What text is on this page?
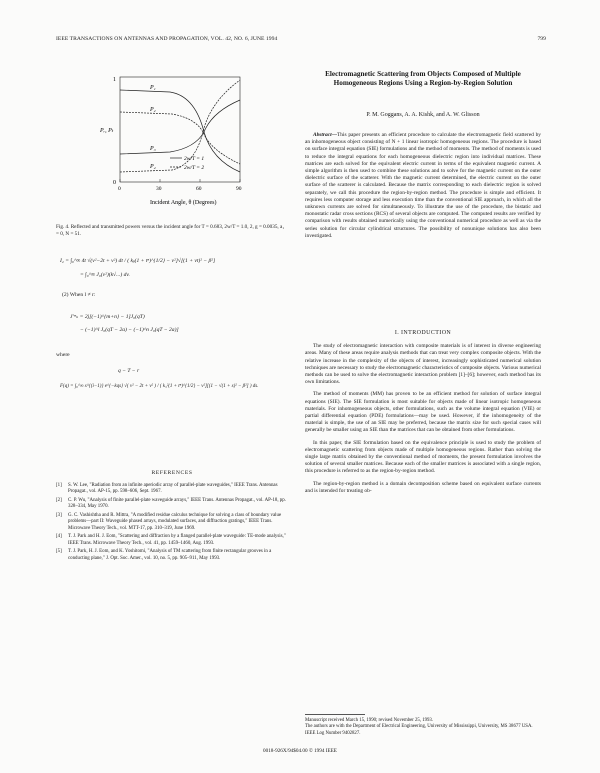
IEEE TRANSACTIONS ON ANTENNAS AND PROPAGATION, VOL. 42, NO. 6, JUNE 1994	799
1
0
Pᵣ, Pₜ
0	30	60	90
Incident Angle, θ (Degrees)
P₁
P₂
P₃
P₄
2w/T = 1
2w/T = 2
Fig. 4. Reflected and transmitted powers versus the incident angle for T = 0.683, 2w/T = 1.0, 2, g = 0.0035, a₁ = 0, N = 51.
I₂ = ∫₀^∞ 4t √(v²−2t + v²) dt / ( kᵦ(1 + tⁿ)^{1/2} − v²]√[(1 + vt)² − β²]
= ∫₀^∞ J₀(v²)(k√...) dv.
(2) When l ≠ r:
J'ᵐₙ = 2j[(−1)^{m+n} − 1]J₀(qT)
− (−1)^l J₀(qT − 2a) − (−1)^n J₀(qT − 2a)]
where
q − T − r
F(q) = ∫₀^∞ s^{(i−1)} e^{−kqs} √( v² − 2t + v² ) / ( k₃²(1 + tⁿ)^{1/2} − v²][(1 − √(1 + s)² − β²] ) ds.
REFERENCES
[1]	S. W. Lee, "Radiation from an infinite aperiodic array of parallel-plate waveguides," IEEE Trans. Antennas Propagat., vol. AP-15, pp. 598–606, Sept. 1967.
[2]	C. P. Wu, "Analysis of finite parallel-plate waveguide arrays," IEEE Trans. Antennas Propagat., vol. AP-18, pp. 328–334, May 1970.
[3]	G. C. Vashishtha and R. Mittra, "A modified residue calculus technique for solving a class of boundary value problems—part II: Waveguide phased arrays, modulated surfaces, and diffraction gratings," IEEE Trans. Microwave Theory Tech., vol. MTT-17, pp. 310–319, June 1969.
[4]	T. J. Park and H. J. Eom, "Scattering and diffraction by a flanged parallel-plate waveguide: TE-mode analysis," IEEE Trans. Microwave Theory Tech., vol. 41, pp. 1459–1460, Aug. 1993.
[5]	T. J. Park, H. J. Eom, and K. Yoshitomi, "Analysis of TM scattering from finite rectangular grooves in a conducting plane," J. Opt. Soc. Amer., vol. 10, no. 5, pp. 905–911, May 1993.
Electromagnetic Scattering from Objects Composed of Multiple Homogeneous Regions Using a Region-by-Region Solution
P. M. Goggans, A. A. Kishk, and A. W. Glisson

Abstract—This paper presents an efficient procedure to calculate the electromagnetic field scattered by an inhomogeneous object consisting of N + 1 linear isotropic homogeneous regions. The procedure is based on surface integral equation (SIE) formulations and the method of moments. The method of moments is used to reduce the integral equations for each homogeneous dielectric region into individual matrices. These matrices are each solved for the equivalent electric current in terms of the equivalent magnetic current. A simple algorithm is then used to combine these solutions and to solve for the magnetic current on the outer dielectric surface of the scatterer. With the magnetic current determined, the electric current on the outer surface of the scatterer is calculated. Because the matrix corresponding to each dielectric region is solved separately, we call this procedure the region-by-region method. The procedure is simple and efficient. It requires less computer storage and less execution time than the conventional SIE approach, in which all the unknown currents are solved for simultaneously. To illustrate the use of the procedure, the bistatic and monostatic radar cross sections (RCS) of several objects are computed. The computed results are verified by comparison with results obtained numerically using the conventional numerical procedure as well as via the series solution for circular cylindrical structures. The possibility of nonunique solutions has also been investigated.

I. INTRODUCTION

The study of electromagnetic interaction with composite materials is of interest in diverse engineering areas. Many of these areas require analysis methods that can treat very complex composite objects. With the relative increase in the complexity of the objects of interest, increasingly sophisticated numerical solution techniques are necessary to study the electromagnetic characteristics of composite objects. Various numerical methods can be used to solve the electromagnetic interaction problem [1]–[6]; however, each method has its own limitations.

The method of moments (MM) has proven to be an efficient method for solution of surface integral equations (SIE). The SIE formulation is most suitable for objects made of linear isotropic homogeneous materials. For inhomogeneous objects, other formulations, such as the volume integral equation (VIE) or partial differential equation (PDE) formulations—may be used. However, if the inhomogeneity of the material is simple, the use of an SIE may be preferred, because the matrix size for such special cases will generally be smaller using an SIE than the matrices that can be obtained from other formulations.

In this paper, the SIE formulation based on the equivalence principle is used to study the problem of electromagnetic scattering from objects made of multiple homogeneous regions. Rather than solving the single large matrix obtained by the conventional method of moments, the present formulation involves the solution of several smaller matrices. Because each of the smaller matrices is associated with a single region, this procedure is referred to as the region-by-region method.

The region-by-region method is a domain decomposition scheme based on equivalent surface currents and is intended for treating ob-

Manuscript received March 15, 1990; revised November 25, 1993.
The authors are with the Department of Electrical Engineering, University of Mississippi, University, MS 38677 USA.
IEEE Log Number 9402827.
0018-926X/94$04.00 © 1994 IEEE
